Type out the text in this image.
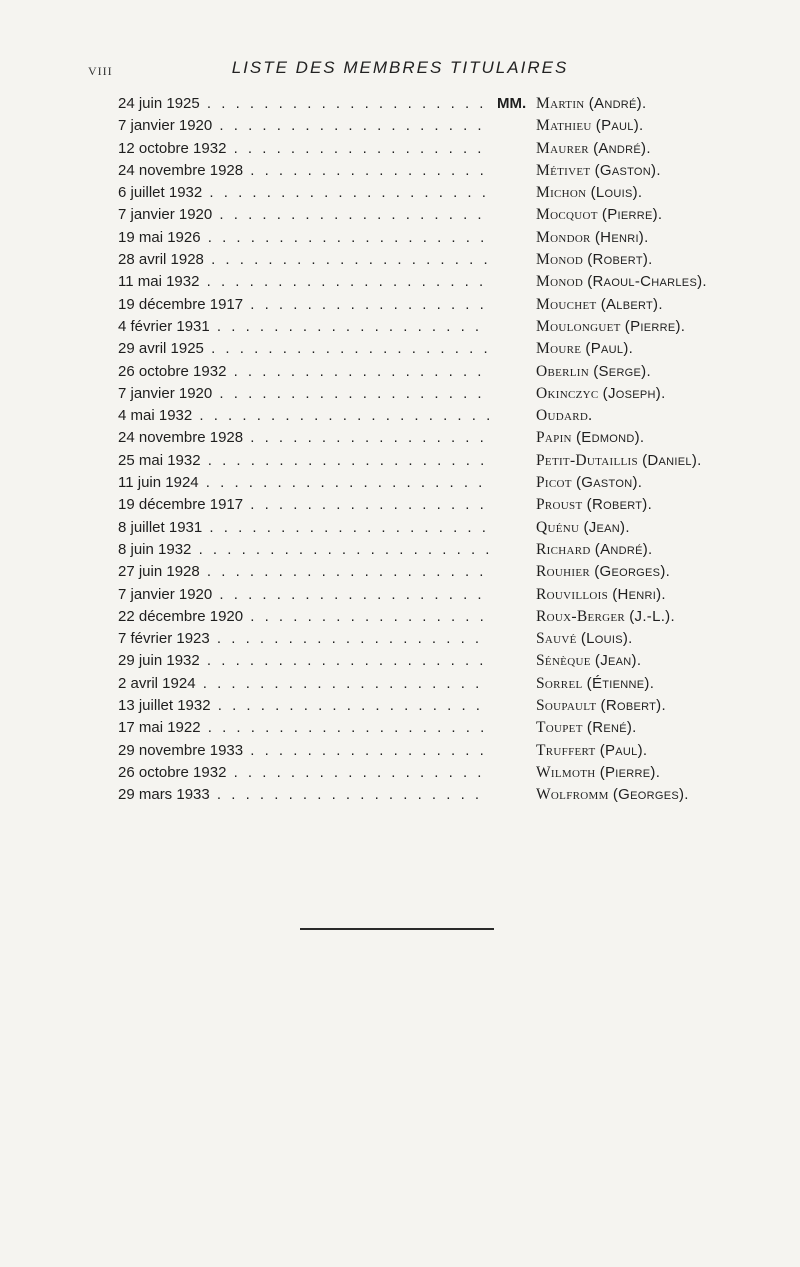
VIII	LISTE DES MEMBRES TITULAIRES
24 juin 1925 . . .	MM. Martin (André).
7 janvier 1920 . . .	Mathieu (Paul).
12 octobre 1932 . . .	Maurer (André).
24 novembre 1928 . . .	Métivet (Gaston).
6 juillet 1932 . . .	Michon (Louis).
7 janvier 1920 . . .	Mocquot (Pierre).
19 mai 1926 . . .	Mondor (Henri).
28 avril 1928 . . .	Monod (Robert).
11 mai 1932 . . .	Monod (Raoul-Charles).
19 décembre 1917 . . .	Mouchet (Albert).
4 février 1931 . . .	Moulonguet (Pierre).
29 avril 1925 . . .	Moure (Paul).
26 octobre 1932 . . .	Oberlin (Serge).
7 janvier 1920 . . .	Okinczyc (Joseph).
4 mai 1932 . . .	Oudard.
24 novembre 1928 . . .	Papin (Edmond).
25 mai 1932 . . .	Petit-Dutaillis (Daniel).
11 juin 1924 . . .	Picot (Gaston).
19 décembre 1917 . . .	Proust (Robert).
8 juillet 1931 . . .	Quénu (Jean).
8 juin 1932 . . .	Richard (André).
27 juin 1928 . . .	Rouhier (Georges).
7 janvier 1920 . . .	Rouvillois (Henri).
22 décembre 1920 . . .	Roux-Berger (J.-L.).
7 février 1923 . . .	Sauvé (Louis).
29 juin 1932 . . .	Sénèque (Jean).
2 avril 1924 . . .	Sorrel (Étienne).
13 juillet 1932 . . .	Soupault (Robert).
17 mai 1922 . . .	Toupet (René).
29 novembre 1933 . . .	Truffert (Paul).
26 octobre 1932 . . .	Wilmoth (Pierre).
29 mars 1933 . . .	Wolfromm (Georges).
